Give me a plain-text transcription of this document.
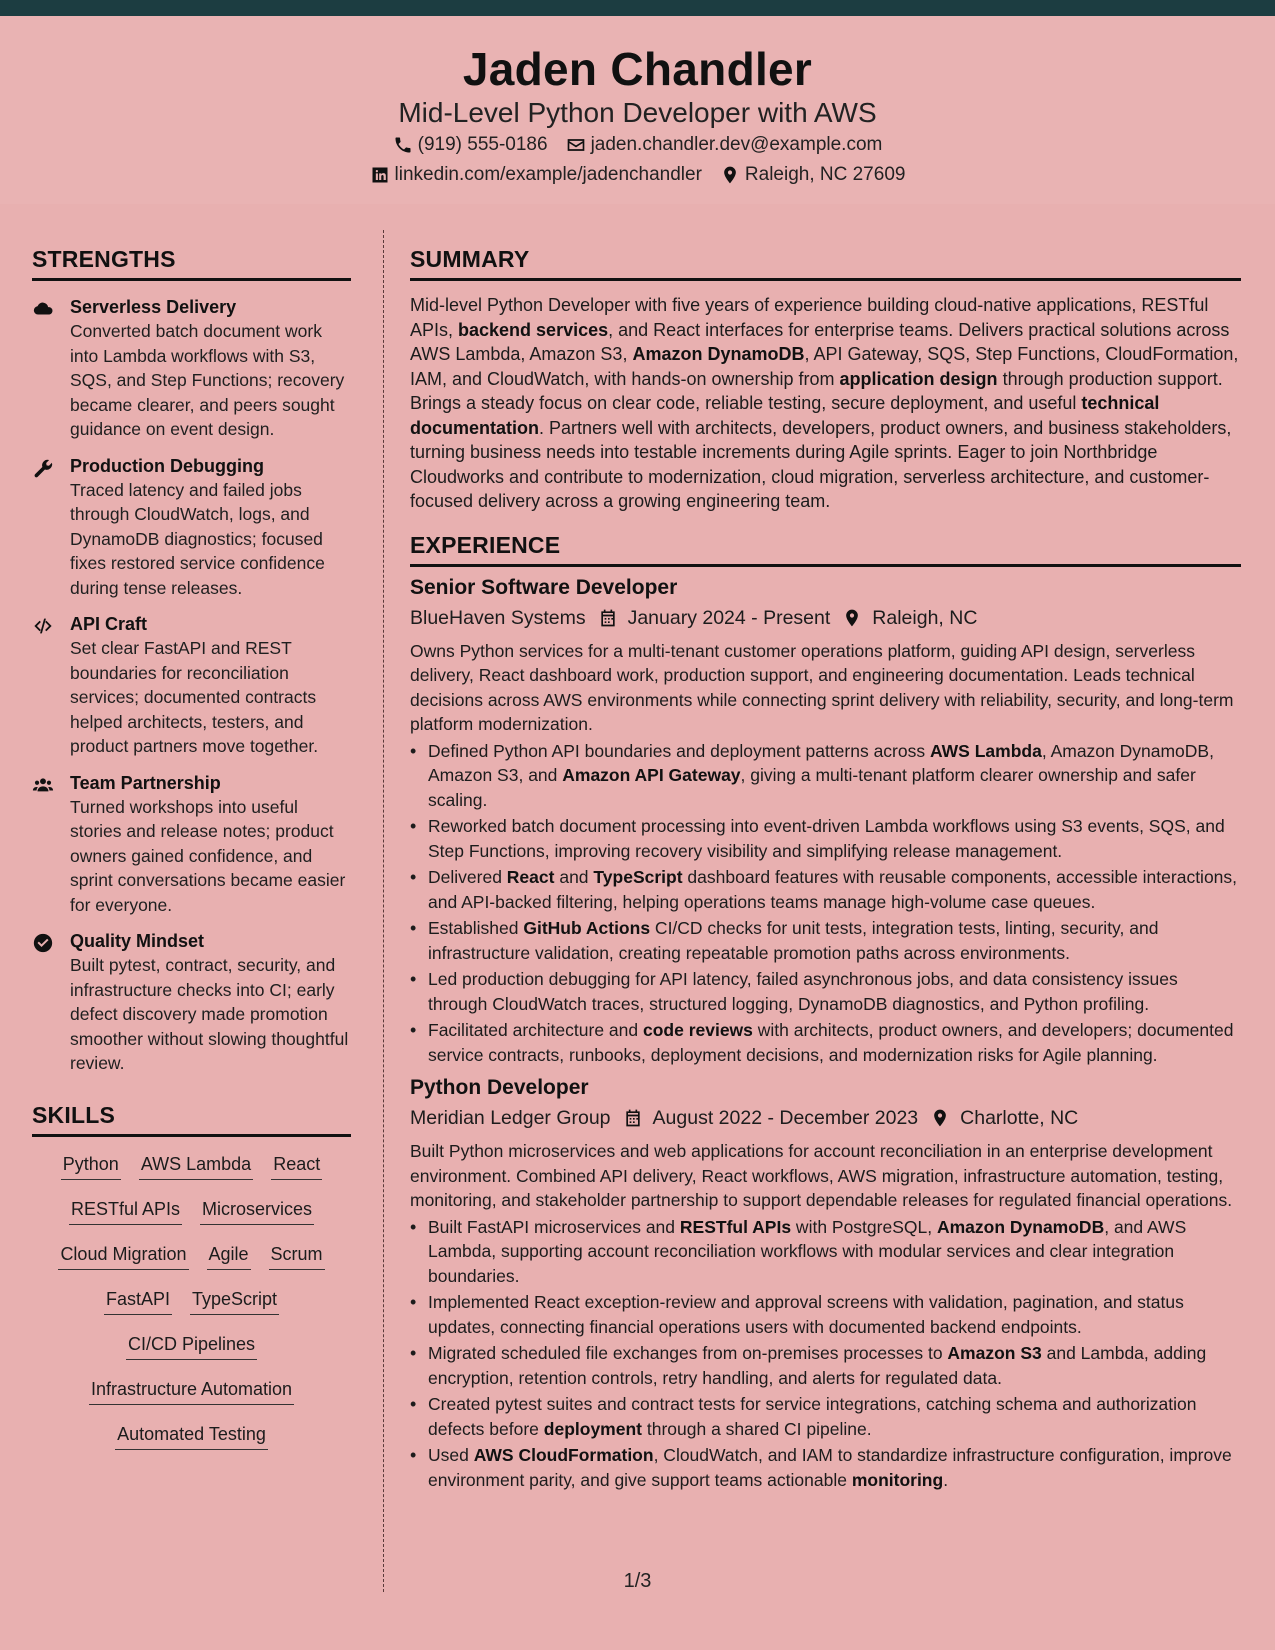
Jaden Chandler
Mid-Level Python Developer with AWS
(919) 555-0186 jaden.chandler.dev@example.com
linkedin.com/example/jadenchandler Raleigh, NC 27609
STRENGTHS
Serverless Delivery
Converted batch document work into Lambda workflows with S3, SQS, and Step Functions; recovery became clearer, and peers sought guidance on event design.
Production Debugging
Traced latency and failed jobs through CloudWatch, logs, and DynamoDB diagnostics; focused fixes restored service confidence during tense releases.
API Craft
Set clear FastAPI and REST boundaries for reconciliation services; documented contracts helped architects, testers, and product partners move together.
Team Partnership
Turned workshops into useful stories and release notes; product owners gained confidence, and sprint conversations became easier for everyone.
Quality Mindset
Built pytest, contract, security, and infrastructure checks into CI; early defect discovery made promotion smoother without slowing thoughtful review.
SKILLS
Python AWS Lambda React
RESTful APIs Microservices
Cloud Migration Agile Scrum
FastAPI TypeScript
CI/CD Pipelines
Infrastructure Automation
Automated Testing
SUMMARY
Mid-level Python Developer with five years of experience building cloud-native applications, RESTful APIs, backend services, and React interfaces for enterprise teams. Delivers practical solutions across AWS Lambda, Amazon S3, Amazon DynamoDB, API Gateway, SQS, Step Functions, CloudFormation, IAM, and CloudWatch, with hands-on ownership from application design through production support. Brings a steady focus on clear code, reliable testing, secure deployment, and useful technical documentation. Partners well with architects, developers, product owners, and business stakeholders, turning business needs into testable increments during Agile sprints. Eager to join Northbridge Cloudworks and contribute to modernization, cloud migration, serverless architecture, and customer-focused delivery across a growing engineering team.
EXPERIENCE
Senior Software Developer
BlueHaven Systems January 2024 - Present Raleigh, NC
Owns Python services for a multi-tenant customer operations platform, guiding API design, serverless delivery, React dashboard work, production support, and engineering documentation. Leads technical decisions across AWS environments while connecting sprint delivery with reliability, security, and long-term platform modernization.
• Defined Python API boundaries and deployment patterns across AWS Lambda, Amazon DynamoDB, Amazon S3, and Amazon API Gateway, giving a multi-tenant platform clearer ownership and safer scaling.
• Reworked batch document processing into event-driven Lambda workflows using S3 events, SQS, and Step Functions, improving recovery visibility and simplifying release management.
• Delivered React and TypeScript dashboard features with reusable components, accessible interactions, and API-backed filtering, helping operations teams manage high-volume case queues.
• Established GitHub Actions CI/CD checks for unit tests, integration tests, linting, security, and infrastructure validation, creating repeatable promotion paths across environments.
• Led production debugging for API latency, failed asynchronous jobs, and data consistency issues through CloudWatch traces, structured logging, DynamoDB diagnostics, and Python profiling.
• Facilitated architecture and code reviews with architects, product owners, and developers; documented service contracts, runbooks, deployment decisions, and modernization risks for Agile planning.
Python Developer
Meridian Ledger Group August 2022 - December 2023 Charlotte, NC
Built Python microservices and web applications for account reconciliation in an enterprise development environment. Combined API delivery, React workflows, AWS migration, infrastructure automation, testing, monitoring, and stakeholder partnership to support dependable releases for regulated financial operations.
• Built FastAPI microservices and RESTful APIs with PostgreSQL, Amazon DynamoDB, and AWS Lambda, supporting account reconciliation workflows with modular services and clear integration boundaries.
• Implemented React exception-review and approval screens with validation, pagination, and status updates, connecting financial operations users with documented backend endpoints.
• Migrated scheduled file exchanges from on-premises processes to Amazon S3 and Lambda, adding encryption, retention controls, retry handling, and alerts for regulated data.
• Created pytest suites and contract tests for service integrations, catching schema and authorization defects before deployment through a shared CI pipeline.
• Used AWS CloudFormation, CloudWatch, and IAM to standardize infrastructure configuration, improve environment parity, and give support teams actionable monitoring.
1/3
